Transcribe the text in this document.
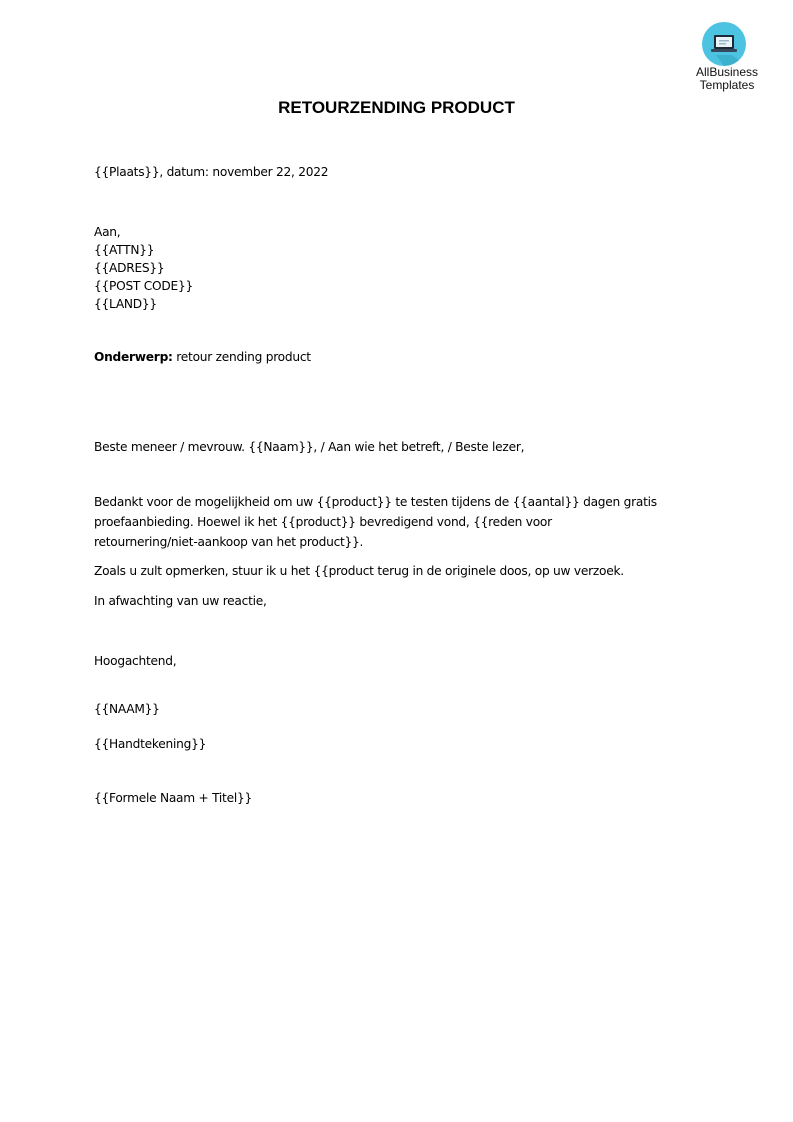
AllBusiness
Templates
RETOURZENDING PRODUCT
{{Plaats}}, datum: november 22, 2022
Aan,
{{ATTN}}
{{ADRES}}
{{POST CODE}}
{{LAND}}
Onderwerp: retour zending product
Beste meneer / mevrouw. {{Naam}}, / Aan wie het betreft, / Beste lezer,
Bedankt voor de mogelijkheid om uw {{product}} te testen tijdens de {{aantal}} dagen gratis
proefaanbieding. Hoewel ik het {{product}} bevredigend vond, {{reden voor
retournering/niet-aankoop van het product}}.
Zoals u zult opmerken, stuur ik u het {{product terug in de originele doos, op uw verzoek.
In afwachting van uw reactie,
Hoogachtend,
{{NAAM}}
{{Handtekening}}
{{Formele Naam + Titel}}
